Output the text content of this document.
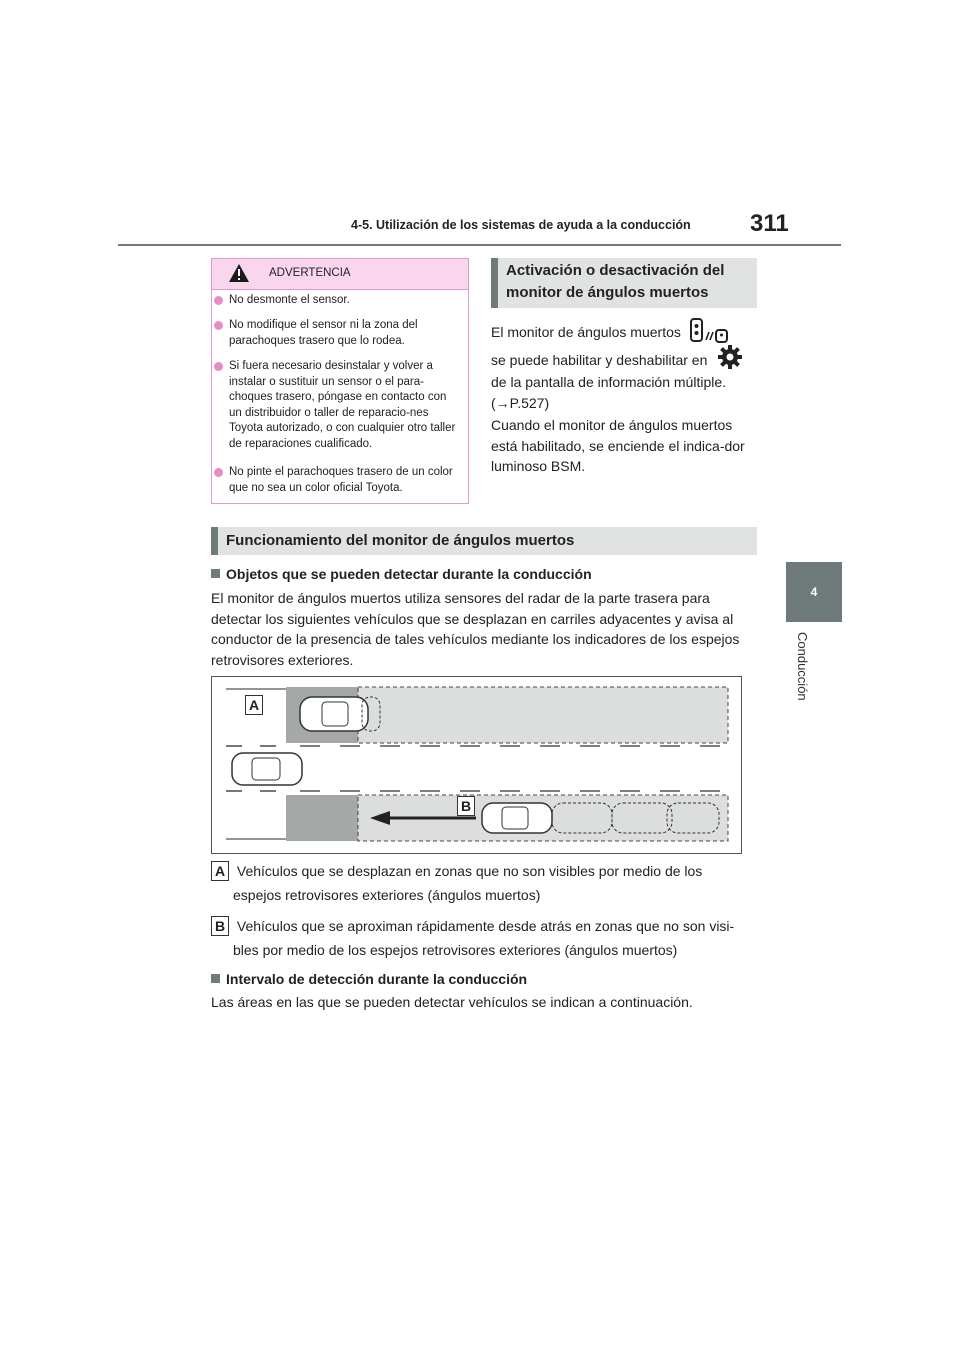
4-5. Utilización de los sistemas de ayuda a la conducción 311
4
Conducción
ADVERTENCIA
No desmonte el sensor.
No modifique el sensor ni la zona del parachoques trasero que lo rodea.
Si fuera necesario desinstalar y volver a instalar o sustituir un sensor o el para-choques trasero, póngase en contacto con un distribuidor o taller de reparacio-nes Toyota autorizado, o con cualquier otro taller de reparaciones cualificado.
No pinte el parachoques trasero de un color que no sea un color oficial Toyota.
Activación o desactivación del
monitor de ángulos muertos
El monitor de ángulos muertos
se puede habilitar y deshabilitar en
de la pantalla de información múltiple.
(→P.527)
Cuando el monitor de ángulos muertos está habilitado, se enciende el indica-dor luminoso BSM.
Funcionamiento del monitor de ángulos muertos
Objetos que se pueden detectar durante la conducción
El monitor de ángulos muertos utiliza sensores del radar de la parte trasera para detectar los siguientes vehículos que se desplazan en carriles adyacentes y avisa al conductor de la presencia de tales vehículos mediante los indicadores de los espejos retrovisores exteriores.
A
B
A Vehículos que se desplazan en zonas que no son visibles por medio de los
espejos retrovisores exteriores (ángulos muertos)
B Vehículos que se aproximan rápidamente desde atrás en zonas que no son visi-
bles por medio de los espejos retrovisores exteriores (ángulos muertos)
Intervalo de detección durante la conducción
Las áreas en las que se pueden detectar vehículos se indican a continuación.
